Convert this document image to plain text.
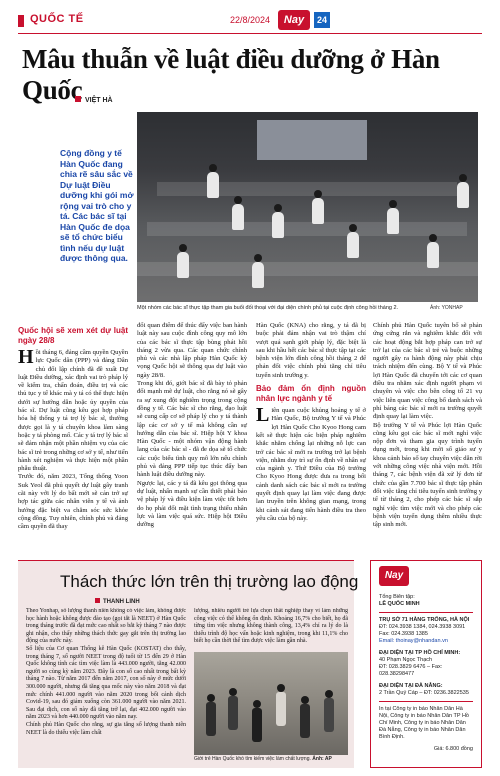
QUỐC TẾ	22/8/2024	Nay	24
Mâu thuẫn về luật điều dưỡng ở Hàn Quốc VIỆT HÀ
Cộng đồng y tế Hàn Quốc đang chia rẽ sâu sắc về Dự luật Điều dưỡng khi gói mở rộng vai trò cho y tá. Các bác sĩ tại Hàn Quốc đe dọa sẽ tổ chức biểu tình nếu dự luật được thông qua.
Ảnh: YONHAP
Một nhóm các bác sĩ thực tập tham gia buổi đối thoại với đại diện chính phủ tại cuộc định công hồi tháng 2.
Quốc hội sẽ xem xét dự luật ngày 28/8

Hồi tháng 6, đảng cầm quyền Quyền lực Quốc dân (PPP) và đảng Dân chủ đối lập chính đã đề xuất Dự luật Điều dưỡng, xác định vai trò pháp lý về kiểm tra, chẩn đoán, điều trị và các thủ tục y tế khác mà y tá có thể thực hiện dưới sự hướng dẫn hoặc ủy quyền của bác sĩ. Dự luật cũng kêu gọi hợp pháp hóa hệ thống y tá trợ lý bác sĩ, thường được gọi là y tá chuyên khoa làm sàng hoặc y tá phòng mổ. Các y tá trợ lý bác sĩ sẽ đảm nhận một phần nhiệm vụ của các bác sĩ trẻ trong những cơ sở y tế, như tiến hành xét nghiệm và thực hiện một phần phẫu thuật.

Trước đó, năm 2023, Tổng thống Yoon Suk Yeol đã phủ quyết dự luật gây tranh cãi này với lý do bất mới sẽ cản trở sự hợp tác giữa các nhân viên y tế và ảnh hưởng đặc biệt va chăm sóc sức khỏe cộng đồng. Tuy nhiên, chính phủ và đảng cầm quyền đã thay

đổi quan điểm để thúc đẩy việc ban hành luật này sau cuộc đình công quy mô lớn của các bác sĩ thực tập bùng phát hồi tháng 2 vừa qua. Các quan chức chính phủ và các nhà lập pháp Hàn Quốc kỳ vọng Quốc hội sẽ thông qua dự luật vào ngày 28/8.

Trong khi đó, giới bác sĩ đã bày tỏ phản đối mạnh mẽ dự luật, cho rằng nó sẽ gây ra sự xung đột nghiêm trọng trong cộng đồng y tế. Các bác sĩ cho rằng, đạo luật sẽ cung cấp cơ sở pháp lý cho y tá thành lập các cơ sở y tế mà không cần sự hướng dẫn của bác sĩ. Hiệp hội Y khoa Hàn Quốc - một nhóm vận động hành lang của các bác sĩ - đã đe dọa sẽ tổ chức các cuộc biểu tình quy mô lớn nếu chính phủ và đảng PPP tiếp tục thúc đẩy ban hành luật điều dưỡng này.

Ngược lại, các y tá đã kêu gọi thông qua dự luật, nhấn mạnh sự cần thiết phải bảo vệ pháp lý và điều kiện làm việc tốt hơn do họ phải đối mặt tình trạng thiếu nhân lực và làm việc quá sức. Hiệp hội Điều dưỡng

Hàn Quốc (KNA) cho rằng, y tá đã bị buộc phải đảm nhận vai trò thậm chí vượt quá sạnh giới pháp lý, đặc biệt là sau khi hầu hết các bác sĩ thực tập tại các bệnh viện lớn đình công hồi tháng 2 để phản đối việc chính phủ tăng chỉ tiêu tuyển sinh trường y.

Bảo đảm ổn định nguồn nhân lực ngành y tế

Liên quan cuộc khủng hoảng y tế ở Hàn Quốc, Bộ trưởng Y tế và Phúc lợi Hàn Quốc Cho Kyoo Hong cam kết sẽ thực hiện các biện pháp nghiêm khắc nhằm chống lại những nỗ lực can trở các bác sĩ mới ra trường trở lại bệnh viện, nhằm duy trì sự ổn định về nhân sự của ngành y. Thứ Điều của Bộ trưởng Cho Kyoo Hong được đưa ra trong bối cảnh danh sách các bác sĩ mới ra trường quyết định quay lại làm việc đang được lan truyền trên không gian mạng, trong khi cảnh sát đang tiến hành điều tra theo yêu cầu của bộ này.

Chính phủ Hàn Quốc tuyên bố sẽ phản ứng cứng rắn và nghiêm khắc đối với các hoạt động bắt hợp pháp can trở sự trở lại của các bác sĩ trẻ và buộc những người gây ra hành động này phải chịu trách nhiệm đến cùng. Bộ Y tế và Phúc lợi Hàn Quốc đã chuyển tới các cơ quan điều tra nhằm xác định người phạm vi chuyên và việc cho bên công tố 21 vụ việc liên quan việc công bố danh sách và phỉ báng các bác sĩ mới ra trường quyết định quay lại làm việc.

Bộ trưởng Y tế và Phúc lợi Hàn Quốc cũng kêu gọi các bác sĩ mới nghỉ việc nộp đơn và tham gia quy trình tuyển dụng mới, trong khi mời số giáo sư y khoa cảnh báo số tay chuyên việc dẫn rời với những công việc nhà viện mới. Hồi tháng 7, các bệnh viện đã xử lý đơn từ chức của gần 7.700 bác sĩ thực tập phân đối việc tăng chỉ tiêu tuyển sinh trường y tế từ tháng 2, cho phép các bác sĩ sắp nghỉ việc tìm việc mới và cho phép các bệnh viện tuyển dụng thêm nhiều thực tập sinh mới.

Thách thức lớn trên thị trường lao động
THANH LINH

Theo Yonhap, số lượng thanh niên không có việc làm, không được học hành hoặc không được đào tạo (gọi tắt là NEET) ở Hàn Quốc trong tháng trước đã đạt mức cao nhất so bắt kỳ tháng 7 nào được ghi nhận, cho thấy những thách thức gay gắt trên thị trường lao động của nước này.

Số liệu của Cơ quan Thống kê Hàn Quốc (KOSTAT) cho thấy, trong tháng 7, số người NEET trong độ tuổi từ 15 đến 29 ở Hàn Quốc không tính các tìm việc làm là 443.000 người, tăng 42.000 người so cùng kỳ năm 2023. Đây là con số cao nhất trong bất kỳ tháng 7 nào. Từ năm 2017 đến năm 2017, con số này ở mức dưới 300.000 người, nhưng đã tăng qua mốc này vào năm 2018 và đạt mức chính 441.000 người vào năm 2020 trong bối cảnh dịch Covid-19, sau đó giảm xuống còn 361.000 người vào năm 2021. Sau đại dịch, con số này đã tăng trở lại, đạt 402.000 người vào năm 2023 và hơn 440.000 người vào năm nay.

Chính phủ Hàn Quốc cho rằng, sự gia tăng số lượng thanh niên NEET là do thiếu việc làm chất

lượng, nhiều người trẻ lựa chọn thất nghiệp thay vì làm những công việc có thể không ổn định. Khoảng 16,7% cho biết, họ đã từng tìm việc nhưng không thành công, 13,4% chỉ ra lý do là thiếu trình độ học vấn hoặc kinh nghiệm, trong khi 11,1% cho biết họ cần thời thể tìm được việc làm gần nhà.

Giới trẻ Hàn Quốc khó tìm kiếm việc làm chất lượng. Ảnh: AP
Nay
Tổng Biên tập:
LÊ QUỐC MINH
TRỤ SỞ 71 HÀNG TRỐNG, HÀ NỘI
ĐT: 024.3938 1384, 024.3938 3091
Fax: 024.3938 1385
Email: thoinay@nhandan.vn
ĐẠI DIỆN TẠI TP HỒ CHÍ MINH:
40 Phạm Ngọc Thạch
ĐT: 028.3829 6476 – Fax: 028.38298477
ĐẠI DIỆN TẠI ĐÀ NẴNG:
2 Trần Quý Cáp – ĐT: 0236.3822535
In tại Công ty in báo Nhân Dân Hà Nội, Công ty in báo Nhân Dân TP Hồ Chí Minh, Công ty in báo Nhân Dân Đà Nẵng, Công ty in báo Nhân Dân Bình Định.
Giá: 6.800 đồng
